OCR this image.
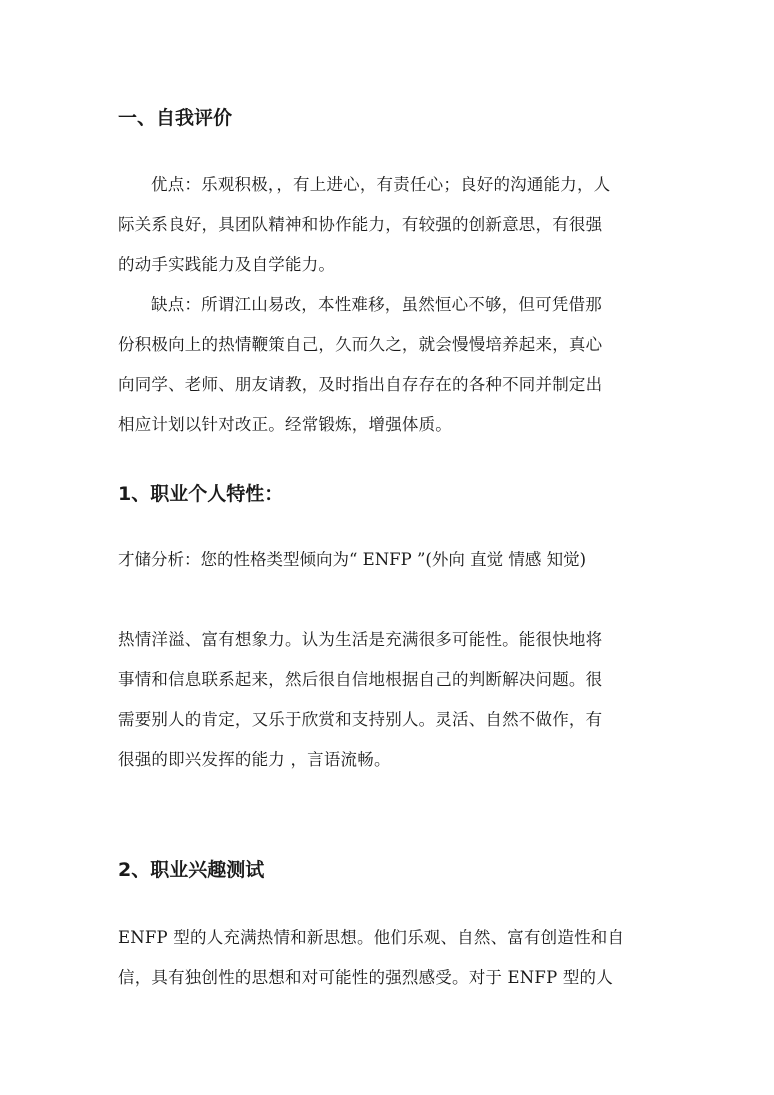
一、自我评价
优点：乐观积极，，有上进心，有责任心；良好的沟通能力，人
际关系良好，具团队精神和协作能力，有较强的创新意思，有很强
的动手实践能力及自学能力。
缺点：所谓江山易改，本性难移，虽然恒心不够，但可凭借那
份积极向上的热情鞭策自己，久而久之，就会慢慢培养起来，真心
向同学、老师、朋友请教，及时指出自存存在的各种不同并制定出
相应计划以针对改正。经常锻炼，增强体质。
1、职业个人特性：

才储分析：您的性格类型倾向为“ ENFP ”(外向 直觉 情感 知觉)

热情洋溢、富有想象力。认为生活是充满很多可能性。能很快地将
事情和信息联系起来，然后很自信地根据自己的判断解决问题。很
需要别人的肯定，又乐于欣赏和支持别人。灵活、自然不做作，有
很强的即兴发挥的能力 ，言语流畅。
2、职业兴趣测试
ENFP 型的人充满热情和新思想。他们乐观、自然、富有创造性和自
信，具有独创性的思想和对可能性的强烈感受。对于 ENFP 型的人
